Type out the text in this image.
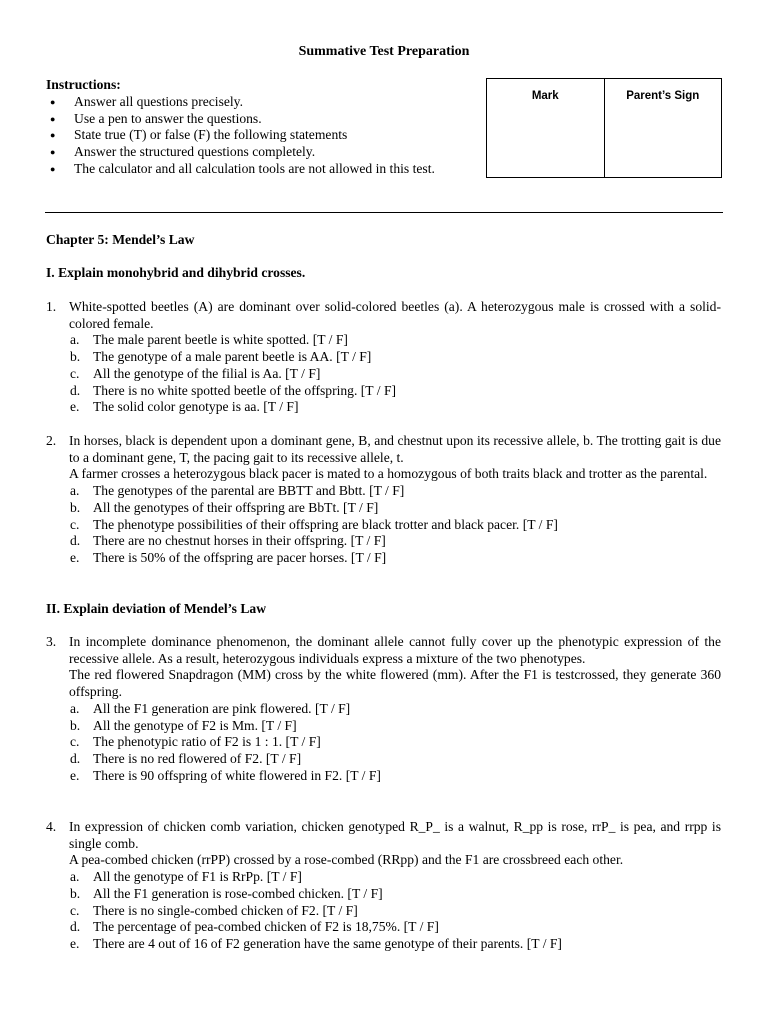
Summative Test Preparation
Instructions:
● Answer all questions precisely.
● Use a pen to answer the questions.
● State true (T) or false (F) the following statements
● Answer the structured questions completely.
● The calculator and all calculation tools are not allowed in this test.
Mark	Parent’s Sign
Chapter 5: Mendel’s Law
I. Explain monohybrid and dihybrid crosses.
1. White-spotted beetles (A) are dominant over solid-colored beetles (a). A heterozygous male is crossed with a solid-colored female.

a. The male parent beetle is white spotted. [T / F]
b. The genotype of a male parent beetle is AA. [T / F]
c. All the genotype of the filial is Aa. [T / F]
d. There is no white spotted beetle of the offspring. [T / F]
e. The solid color genotype is aa. [T / F]
2. In horses, black is dependent upon a dominant gene, B, and chestnut upon its recessive allele, b. The trotting gait is due to a dominant gene, T, the pacing gait to its recessive allele, t.

A farmer crosses a heterozygous black pacer is mated to a homozygous of both traits black and trotter as the parental.

a. The genotypes of the parental are BBTT and Bbtt. [T / F]
b. All the genotypes of their offspring are BbTt. [T / F]
c. The phenotype possibilities of their offspring are black trotter and black pacer. [T / F]
d. There are no chestnut horses in their offspring. [T / F]
e. There is 50% of the offspring are pacer horses. [T / F]
II. Explain deviation of Mendel’s Law
3. In incomplete dominance phenomenon, the dominant allele cannot fully cover up the phenotypic expression of the recessive allele. As a result, heterozygous individuals express a mixture of the two phenotypes.

The red flowered Snapdragon (MM) cross by the white flowered (mm). After the F1 is testcrossed, they generate 360 offspring.

a. All the F1 generation are pink flowered. [T / F]
b. All the genotype of F2 is Mm. [T / F]
c. The phenotypic ratio of F2 is 1 : 1. [T / F]
d. There is no red flowered of F2. [T / F]
e. There is 90 offspring of white flowered in F2. [T / F]
4. In expression of chicken comb variation, chicken genotyped R_P_ is a walnut, R_pp is rose, rrP_ is pea, and rrpp is single comb.

A pea-combed chicken (rrPP) crossed by a rose-combed (RRpp) and the F1 are crossbreed each other.

a. All the genotype of F1 is RrPp. [T / F]
b. All the F1 generation is rose-combed chicken. [T / F]
c. There is no single-combed chicken of F2. [T / F]
d. The percentage of pea-combed chicken of F2 is 18,75%. [T / F]
e. There are 4 out of 16 of F2 generation have the same genotype of their parents. [T / F]
